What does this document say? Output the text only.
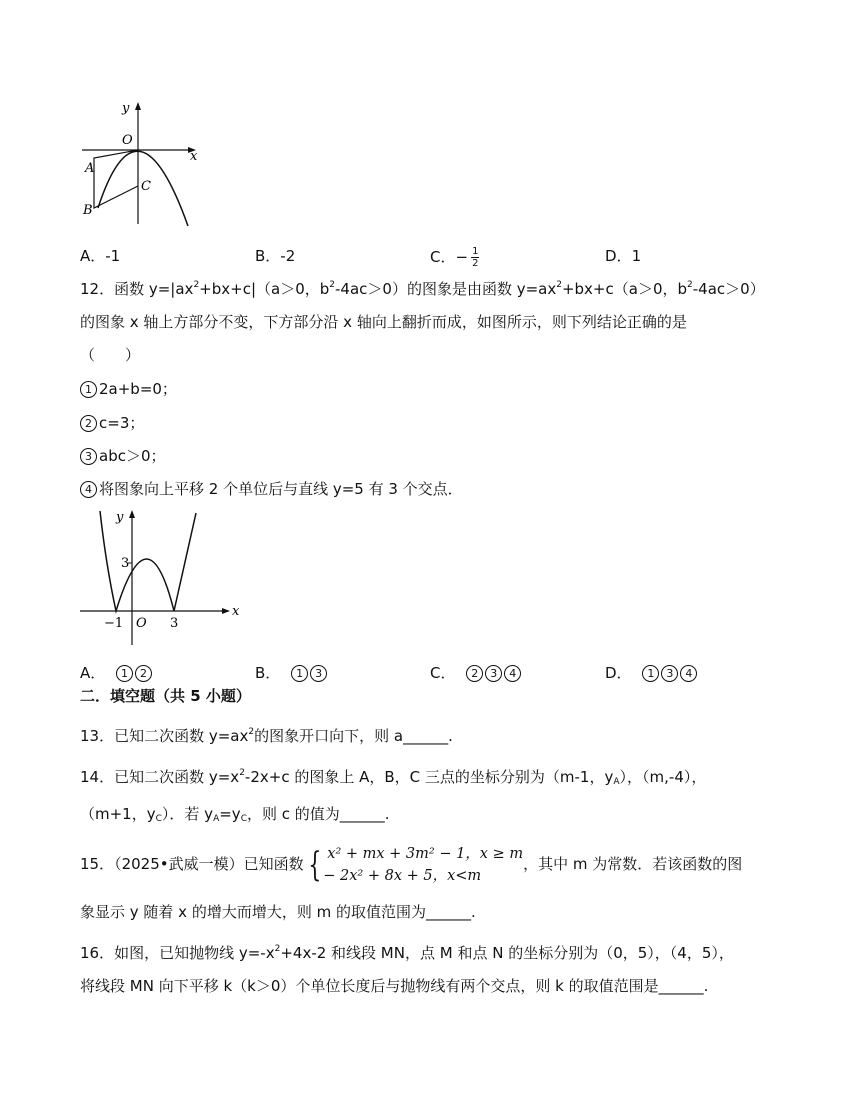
y
x
O
A
B
C
A．-1	B．-2	C．− $\frac{1}{2}$	D．1
12．函数 $y=|ax^2+bx+c|(a>0$，$b^2-4ac>0$）的图象是由函数 $y=ax^2+bx+c(a>0$，$b^2-4ac>0$）
的图象 x 轴上方部分不变，下方部分沿 x 轴向上翻折而成，如图所示，则下列结论正确的是
（　　）
1 2a+b=0；
2 c=3；
3 abc＞0；
4 将图象向上平移 2 个单位后与直线 y=5 有 3 个交点．
y
x
O
3
−1	3
A． 1 2	B． 1 3	C． 2 3 4	D． 1 3 4
二．填空题（共 5 小题）
13．已知二次函数 $y=ax^2$的图象开口向下，则 a______.
14．已知二次函数 $y=x^2-2x+c$ 的图象上 A，B，C 三点的坐标分别为（m-1，$y_A$），（m,-4），
（m+1，$y_C$）．若 $y_A=y_C$，则 c 的值为______.
15．（2025•武威一模）已知函数 { x² + mx + 3m² − 1，x ≥ m
− 2x² + 8x + 5，x<m
，其中 m 为常数．若该函数的图
象显示 y 随着 x 的增大而增大，则 m 的取值范围为______.
16．如图，已知抛物线 $y=-x^2+4x-2$ 和线段 MN，点 M 和点 N 的坐标分别为（0，5），（4，5），
将线段 MN 向下平移 k（k＞0）个单位长度后与抛物线有两个交点，则 k 的取值范围是______.
